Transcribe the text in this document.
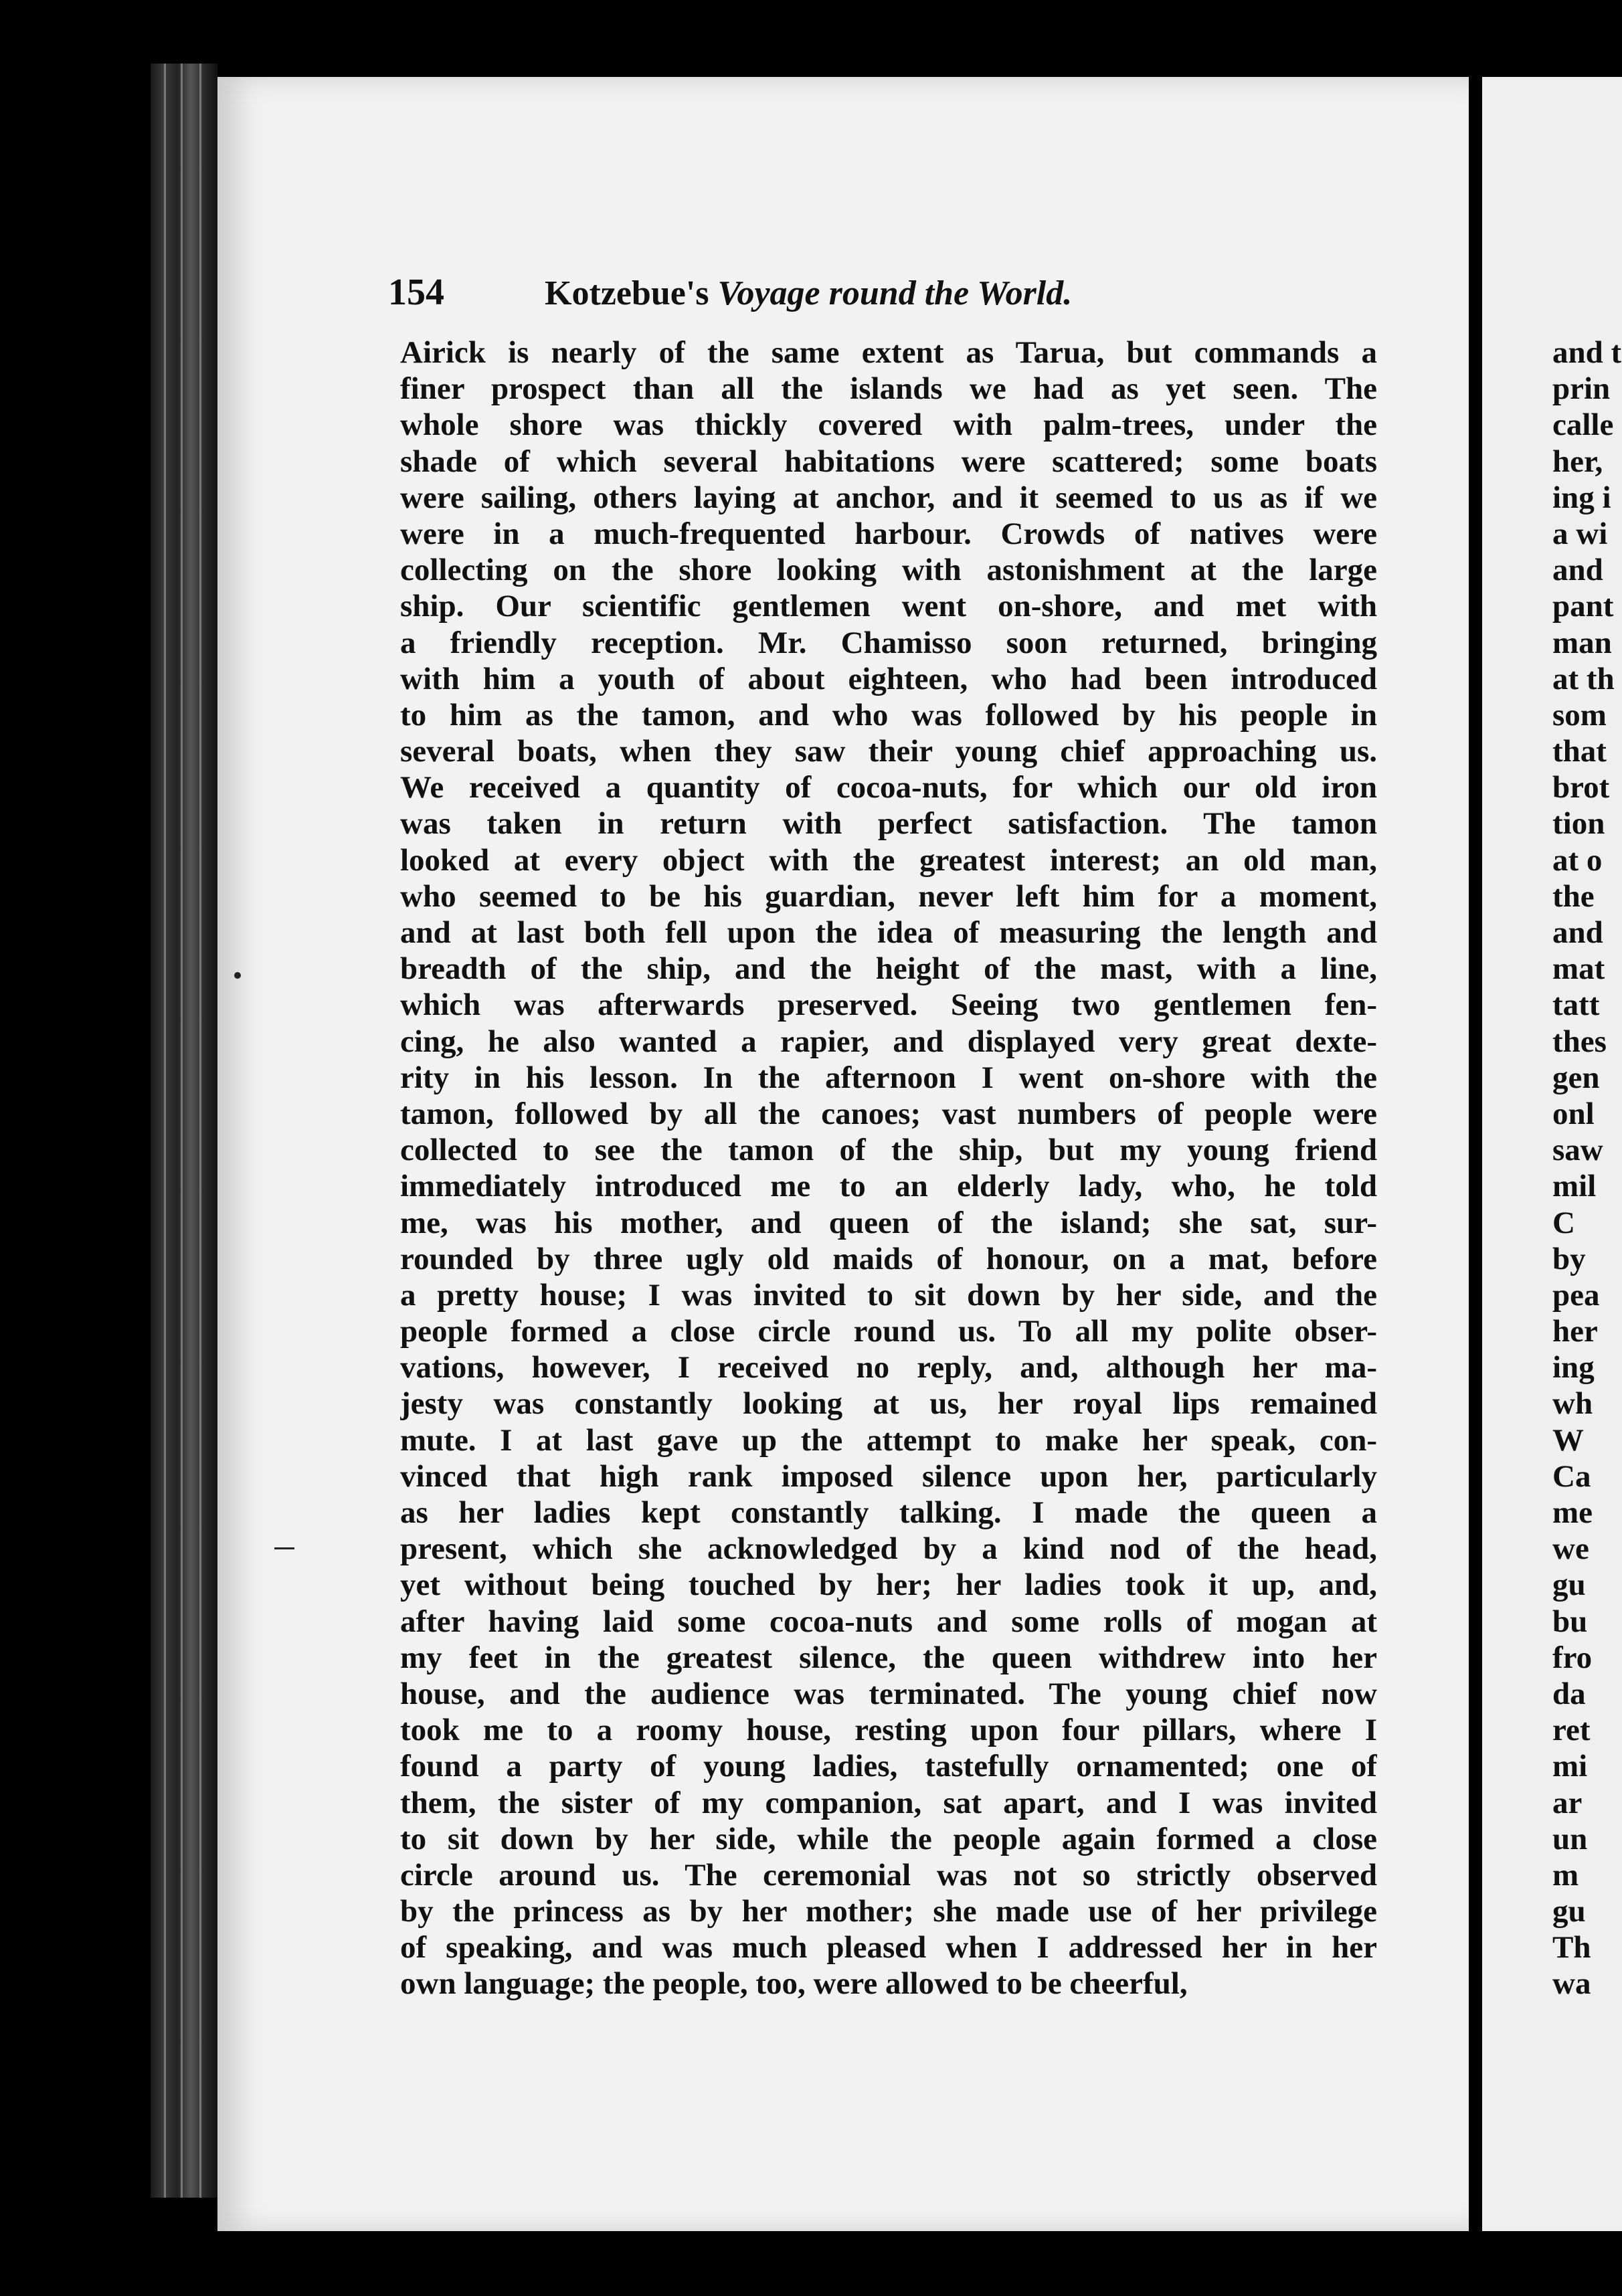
154	Kotzebue's Voyage round the World.
Airick is nearly of the same extent as Tarua, but commands a
finer prospect than all the islands we had as yet seen. The
whole shore was thickly covered with palm-trees, under the
shade of which several habitations were scattered; some boats
were sailing, others laying at anchor, and it seemed to us as if we
were in a much-frequented harbour. Crowds of natives were
collecting on the shore looking with astonishment at the large
ship. Our scientific gentlemen went on-shore, and met with
a friendly reception. Mr. Chamisso soon returned, bringing
with him a youth of about eighteen, who had been introduced
to him as the tamon, and who was followed by his people in
several boats, when they saw their young chief approaching us.
We received a quantity of cocoa-nuts, for which our old iron
was taken in return with perfect satisfaction. The tamon
looked at every object with the greatest interest; an old man,
who seemed to be his guardian, never left him for a moment,
and at last both fell upon the idea of measuring the length and
breadth of the ship, and the height of the mast, with a line,
which was afterwards preserved. Seeing two gentlemen fen-
cing, he also wanted a rapier, and displayed very great dexte-
rity in his lesson. In the afternoon I went on-shore with the
tamon, followed by all the canoes; vast numbers of people were
collected to see the tamon of the ship, but my young friend
immediately introduced me to an elderly lady, who, he told
me, was his mother, and queen of the island; she sat, sur-
rounded by three ugly old maids of honour, on a mat, before
a pretty house; I was invited to sit down by her side, and the
people formed a close circle round us. To all my polite obser-
vations, however, I received no reply, and, although her ma-
jesty was constantly looking at us, her royal lips remained
mute. I at last gave up the attempt to make her speak, con-
vinced that high rank imposed silence upon her, particularly
as her ladies kept constantly talking. I made the queen a
present, which she acknowledged by a kind nod of the head,
yet without being touched by her; her ladies took it up, and,
after having laid some cocoa-nuts and some rolls of mogan at
my feet in the greatest silence, the queen withdrew into her
house, and the audience was terminated. The young chief now
took me to a roomy house, resting upon four pillars, where I
found a party of young ladies, tastefully ornamented; one of
them, the sister of my companion, sat apart, and I was invited
to sit down by her side, while the people again formed a close
circle around us. The ceremonial was not so strictly observed
by the princess as by her mother; she made use of her privilege
of speaking, and was much pleased when I addressed her in her
own language; the people, too, were allowed to be cheerful,
and t
prin
calle
her,
ing i
a wi
and
pant
man
at th
som
that
brot
tion
at o
the
and
mat
tatt
thes
gen
onl
saw
mil
C
by
pea
her
ing
wh
W
Ca
me
we
gu
bu
fro
da
ret
mi
ar
un
m
gu
Th
wa
